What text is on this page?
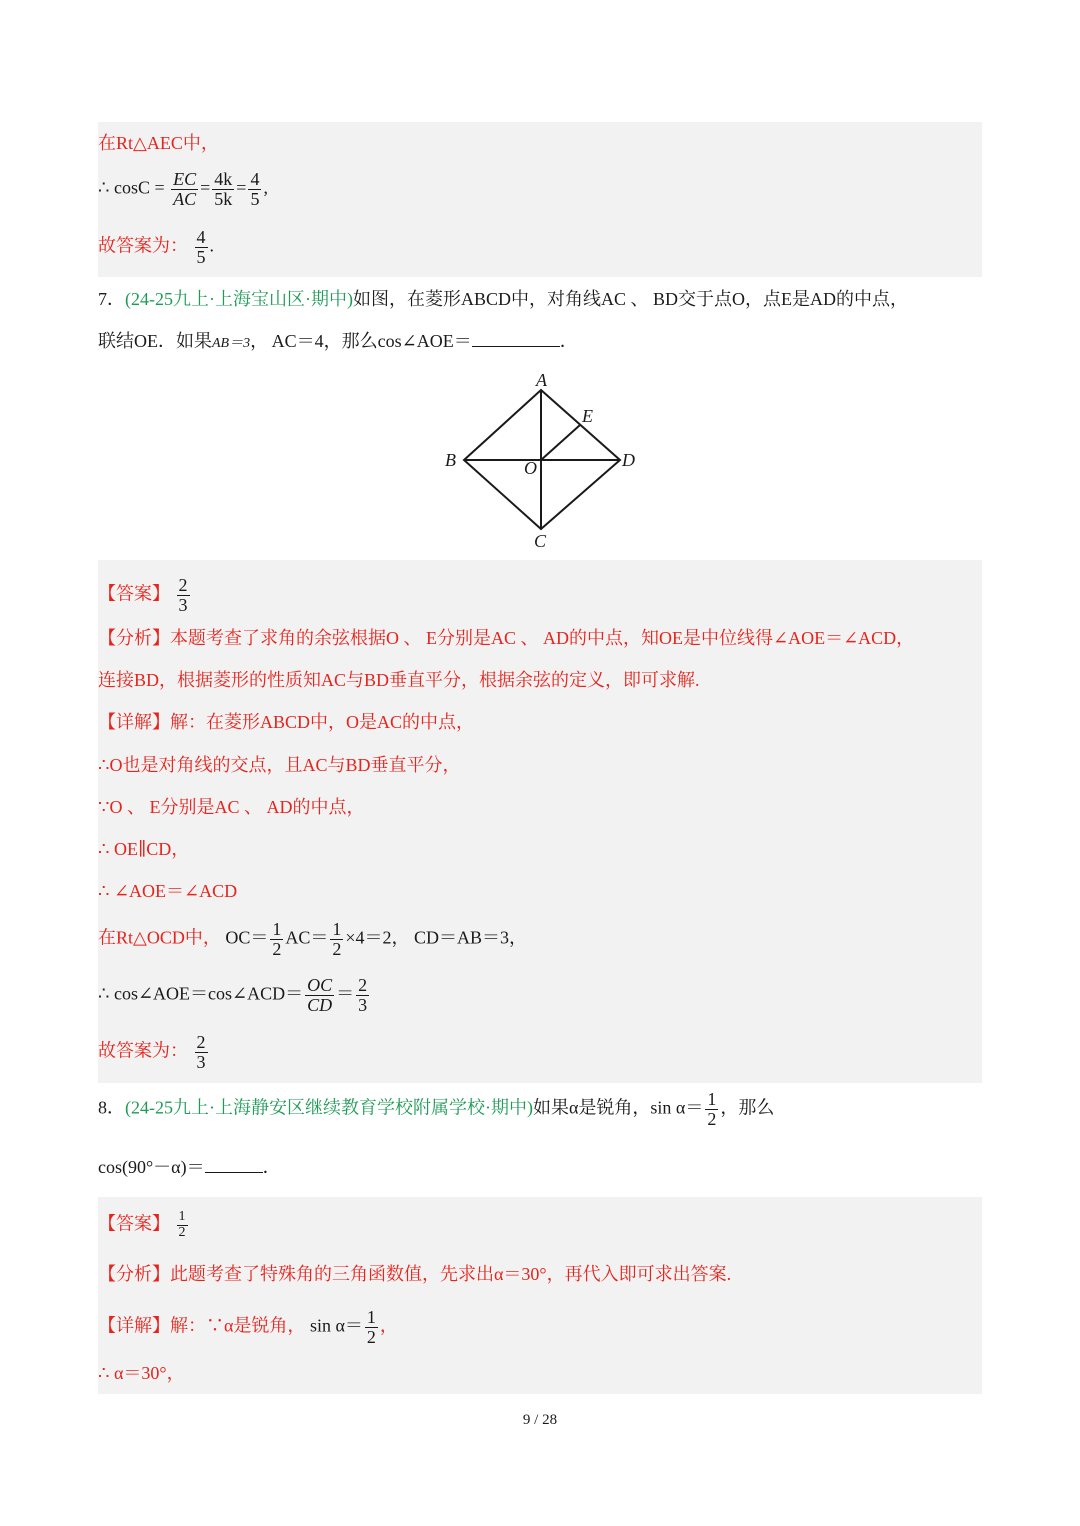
在Rt△AEC中，
∴ $\cos C = \frac{EC}{AC} = \frac{4k}{5k} = \frac{4}{5}$ ,
故答案为： $\frac{4}{5}$ .
7．(24-25九上·上海宝山区·期中)如图，在菱形ABCD中，对角线AC 、 BD交于点O，点E是AD的中点，
联结OE．如果AB＝3， AC＝4，那么cos∠AOE＝	．
A
B
C
D
E
O
【答案】 $\frac{2}{3}$
【分析】本题考查了求角的余弦根据O 、 E分别是AC 、 AD的中点，知OE是中位线得∠AOE＝∠ACD，
连接BD，根据菱形的性质知AC与BD垂直平分，根据余弦的定义，即可求解.
【详解】解：在菱形ABCD中，O是AC的中点，
∴O也是对角线的交点，且AC与BD垂直平分，
∵O 、 E分别是AC 、 AD的中点，
∴ OE∥CD，
∴ ∠AOE＝∠ACD
在Rt△OCD中， $OC= \frac{1}{2} AC= \frac{1}{2} \times 4=2$， CD＝AB＝3，
∴ cos∠AOE＝cos∠ACD＝ $\frac{OC}{CD} = \frac{2}{3}$
故答案为： $\frac{2}{3}$
8．(24-25九上·上海静安区继续教育学校附属学校·期中)如果α是锐角，$\sin \alpha= \frac{1}{2}$ ，那么
cos(90°－α)＝	．
【答案】 $\frac{1}{2}$
【分析】此题考查了特殊角的三角函数值，先求出α＝30°，再代入即可求出答案.
【详解】解：∵α是锐角， $\sin \alpha= \frac{1}{2}$ ，
∴ α＝30°，
9 / 28
